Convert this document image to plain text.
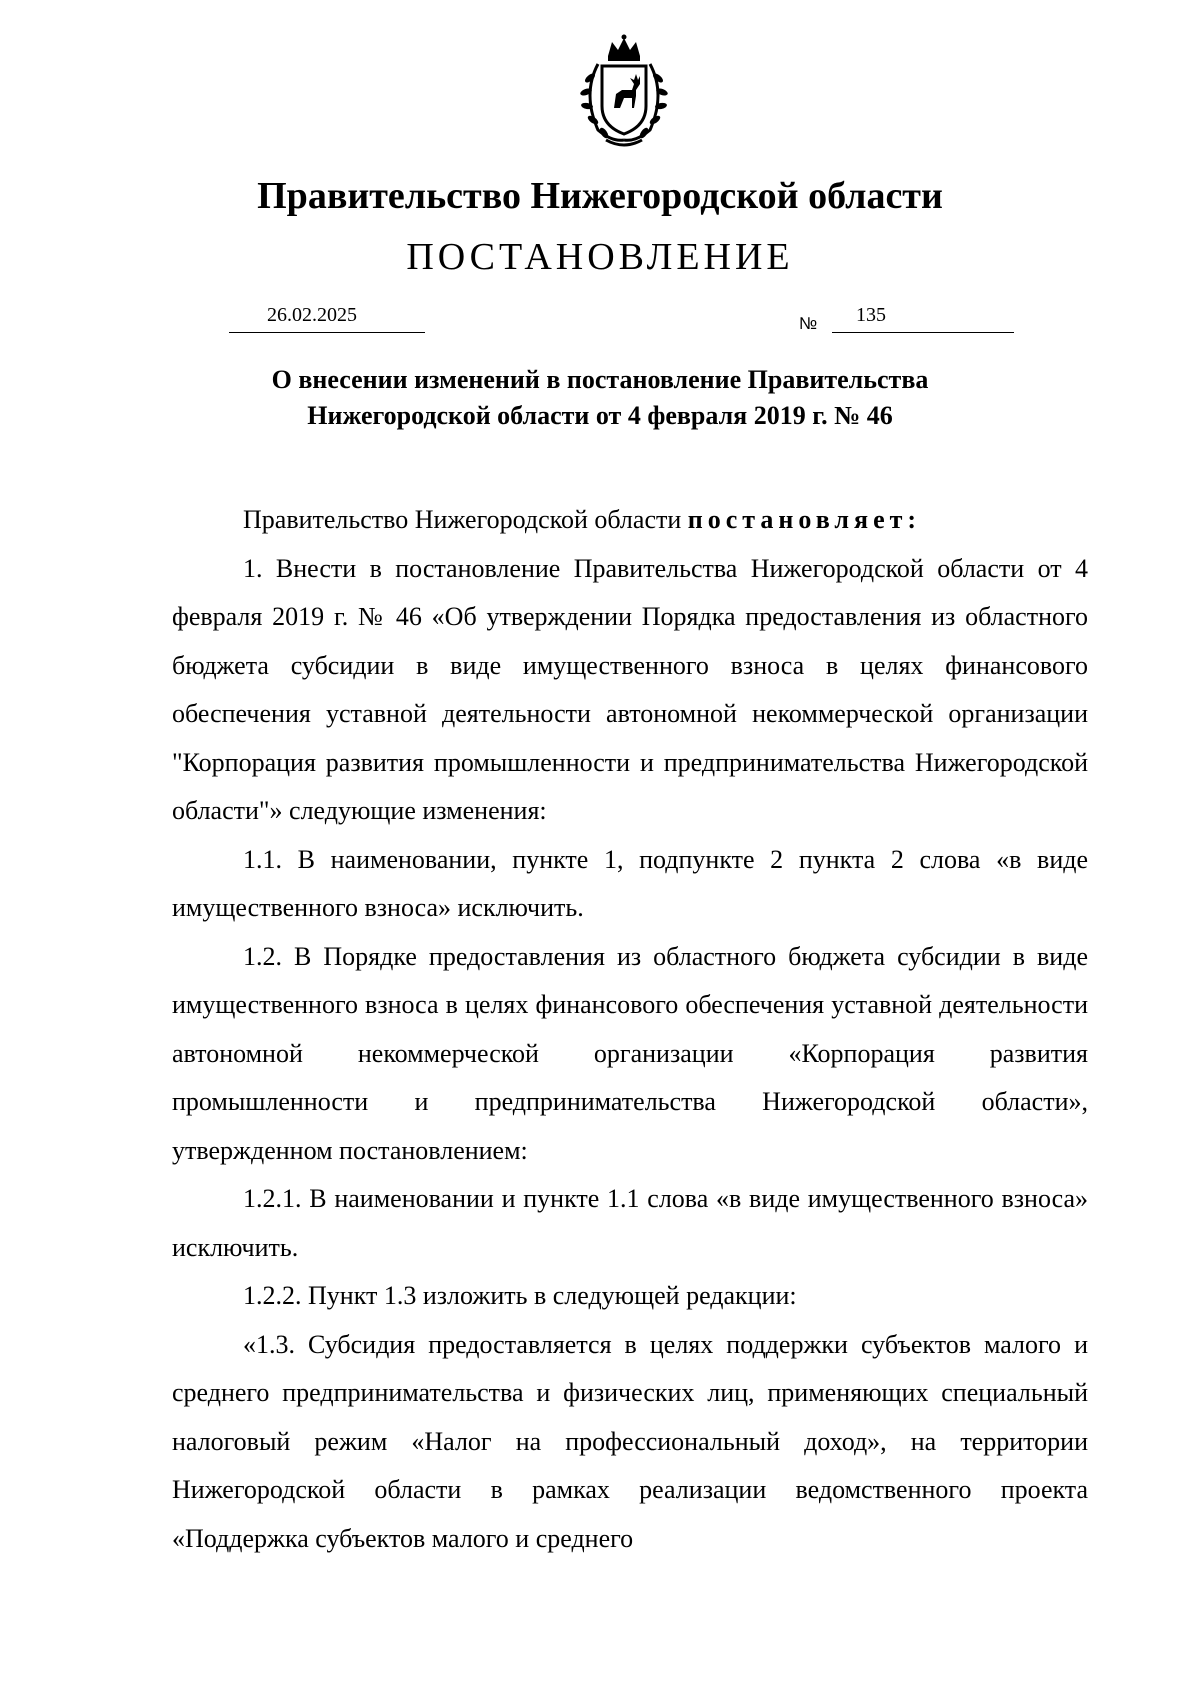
Правительство Нижегородской области
ПОСТАНОВЛЕНИЕ
26.02.2025	№ 135
О внесении изменений в постановление Правительства
Нижегородской области от 4 февраля 2019 г. № 46

Правительство Нижегородской области постановляет:

1. Внести в постановление Правительства Нижегородской области от 4 февраля 2019 г. № 46 «Об утверждении Порядка предоставления из областного бюджета субсидии в виде имущественного взноса в целях финансового обеспечения уставной деятельности автономной некоммерческой организации "Корпорация развития промышленности и предпринимательства Нижегородской области"» следующие изменения:

1.1. В наименовании, пункте 1, подпункте 2 пункта 2 слова «в виде имущественного взноса» исключить.

1.2. В Порядке предоставления из областного бюджета субсидии в виде имущественного взноса в целях финансового обеспечения уставной деятельности автономной некоммерческой организации «Корпорация развития промышленности и предпринимательства Нижегородской области», утвержденном постановлением:

1.2.1. В наименовании и пункте 1.1 слова «в виде имущественного взноса» исключить.

1.2.2. Пункт 1.3 изложить в следующей редакции:

«1.3. Субсидия предоставляется в целях поддержки субъектов малого и среднего предпринимательства и физических лиц, применяющих специальный налоговый режим «Налог на профессиональный доход», на территории Нижегородской области в рамках реализации ведомственного проекта «Поддержка субъектов малого и среднего
